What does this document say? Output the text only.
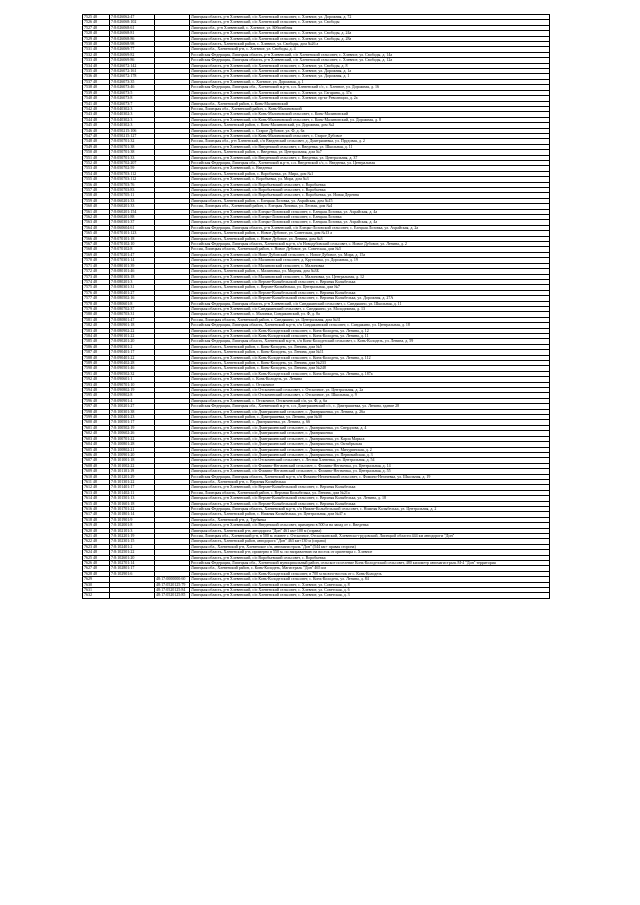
7525 48	7:8:026062:47		Липецкая область, р-н Хлевенский, с/п Хлевенский сельсовет, с. Хлевное, ул. Дорожная, д. 72
7526 48	7:8:026068:102		Липецкая область, р-н Хлевенский, с/п Хлевенский сельсовет, с. Хлевное, ул. Свободы
7527 48	7:8:026068:61		Липецкая обл., р-н Хлевенский, с. Хлевное, ул. Юбилейная
7528 48	7:8:026068:81		Липецкая область, р-н Хлевенский, с/п Хлевенский сельсовет, с. Хлевное, ул. Свободы, д. 24а
7529 48	7:8:026068:86		Липецкая область, р-н Хлевенский, с/п Хлевенский сельсовет, с. Хлевное, ул. Свободы, д. 28а
7530 48	7:8:026068:98		Липецкая область, Хлевенский район, с. Хлевное, ул. Свободы, дом №26 а
7531 48	7:8:026069:77		Липецкая обл., Хлевенский р-н, с. Хлевное, ул. Свободы, д. 4
7532 48	7:8:026069:82		Российская Федерация, Липецкая область, р-н Хлевенский, с/п Хлевенский сельсовет, с. Хлевное, ул. Свободы, д. 14а
7533 48	7:8:026069:86		Российская Федерация, Липецкая область, р-н Хлевенский, с/п Хлевенский сельсовет, с. Хлевное, ул. Свободы, д. 12а
7534 48	7:8:026072:142		Липецкая область, р-н Хлевенский, с/п Хлевенский сельсовет, с. Хлевное, ул. Свободы, д. 8
7535 48	7:8:026072:161		Липецкая область, р-н Хлевенский, с/п Хлевенский сельсовет, с. Хлевное, ул. Дорожная, д. 1а
7536 48	7:8:026072:178		Липецкая область, р-н Хлевенский, с/п Хлевенский сельсовет, с. Хлевное, ул. Дорожная, д. 1
7537 48	7:8:026073:35		Липецкая область, р-н Хлевенский, с. Хлевное, ул. Дорожная, д. 1
7538 48	7:8:026073:46		Российская Федерация, Липецкая обл., Хлевенский м.р-н, с.п. Хлевенский с/с, с. Хлевное, ул. Дорожная, д. 16
7539 48	7:8:026073:5		Липецкая область, р-н Хлевенский, с/п Хлевенский сельсовет, с. Хлевное, ул. Гагарина, д. 37а
7540 48	7:8:026073:8		Липецкая область, р-н Хлевенский, с/п Хлевенский сельсовет, с. Хлевное, пр-кт Революции, д. 2а
7541 48	7:8:026073:7		Липецкая обл., Хлевенский район, с. Конь-Малиновский
7542 48	7:8:040302:3		Россия, Липецкая обл., Хлевенский район, с. Конь-Малиновский
7543 48	7:8:040302:3		Липецкая область, р-н Хлевенский, с/п Конь-Малиновский сельсовет, с. Конь-Малиновский
7544 48	7:8:040302:3		Липецкая область, р-н Хлевенский, с/п Конь-Малиновский сельсовет, с. Конь-Малиновский, ул. Дорожная, д. 8
7545 48	7:8:040302:3		Липецкая область, Хлевенский район, с. Конь-Малиновский, ул. Дорожная, дом №2
7546 48	7:8:050215:106		Липецкая область, р-н Хлевенский, с. Старое Дубовое, ул. Ф, д. 6а
7547 48	7:8:050215:127		Липецкая область, р-н Хлевенский, с/п Конь-Малиновский сельсовет, с. Старое Дубовое
7548 48	7:8:050701:32		Россия, Липецкая обл., р-н Хлевенский, с/п Введенский сельсовет, д. Дмитряшевка, ул. Прудовая, д. 2
7549 48	7:8:050701:38		Липецкая область, р-н Хлевенский, с/п Введенский сельсовет, с. Введенка, ул. Школьная, д. 11
7550 48	7:8:050701:38		Липецкая область, Хлевенский район, с. Введенка, ул. Центральная, дом №7
7551 48	7:8:050701:33		Липецкая область, р-н Хлевенский, с/п Введенский сельсовет, с. Введенка, ул. Центральная, д. 37
7552 48	7:8:050702:207		Российская Федерация, Липецкая обл., Хлевенский м.р-н, с.п. Введенский с/с, с. Введенка, ул. Центральная
7553 48	7:8:050702:59		Липецкая область, р-н Хлевенский, с. Введенка
7554 48	7:8:050703:112		Липецкая область, Хлевенский район, с. Воробьевка, ул. Мира, дом №1
7555 48	7:8:050703:112		Липецкая область, р-н Хлевенский, с. Воробьевка, ул. Мира, дом №3
7556 48	7:8:050703:76		Липецкая область, р-н Хлевенский, с/п Воробьевский сельсовет, с. Воробьевка
7557 48	7:8:050703:83		Липецкая область, р-н Хлевенский, с/п Воробьевский сельсовет, с. Воробьевка
7558 48	7:8:050705:11		Липецкая область, р-н Хлевенский, с/п Воробьевский сельсовет, с. Воробьевка, ул. Новая Деревня
7559 48	7:8:060201:33		Липецкая область, Хлевенский район, с. Елецкая Лозовка, ул. Ахрайская, дом №15
7560 48	7:8:060201:33		Россия, Липецкая обл., Хлевенский район, с. Елецкая Лозовка, ул. Лесная, дом №4
7561 48	7:8:060201:154		Липецкая область, р-н Хлевенский, с/п Елецко-Лозовский сельсовет, с. Елецкая Лозовка, ул. Ахрайская, д. 4а
7562 48	7:8:060201:88		Липецкая область, р-н Хлевенский, с/п Елецко-Лозовский сельсовет, с. Елецкая Лозовка
7563 48	7:8:060301:37		Липецкая область, р-н Хлевенский, с/п Елецко-Лозовский сельсовет, с. Елецкая Лозовка, ул. Ахрайская, д. 4а
7564 48	7:8:060604:61		Российская Федерация, Липецкая область, р-н Хлевенский, с/п Елецко-Лозовский сельсовет, с. Елецкая Лозовка, ул. Ахрайская, д. 2а
7565 48	7:8:070101:123		Липецкая область, Хлевенский район, с. Новое Дубовое, ул. Советская, дом №13 а
7566 48	7:8:070101:18		Липецкая область, Хлевенский район, с. Новое Дубовое, ул. Ленина, дом №3
7567 48	7:8:070102:10		Российская Федерация, Липецкая область, Хлевенский м.р-н, с/п Новодубовский сельсовет, с. Новое Дубовое, ул. Ленина, д. 2
7568 48	7:8:070102:8		Россия, Липецкая область, Хлевенский район, с. Новое Дубовое, ул. Советская, дом №5
7569 48	7:8:070201:47		Липецкая область, р-н Хлевенский, с/п Ново-Дубовский сельсовет, с. Новое Дубовое, ул. Мира, д. 15а
7570 48	7:8:070301:14		Липецкая область, р-н Хлевенский, с/п Малиновский сельсовет, д. Кругловка, ул. Дорожная, д. 19
7571 48	7:8:080101:39		Липецкая область, р-н Хлевенский, с/п Малиновский сельсовет, с. Малиновка
7572 48	7:8:080101:46		Липецкая область, Хлевенский район, с. Малиновка, ул. Мирная, дом №3Б
7573 48	7:8:080103:18		Липецкая область, р-н Хлевенский, с/п Малиновский сельсовет, с. Малиновка, ул. Центральная, д. 12
7574 48	7:8:080201:3		Липецкая область, р-н Хлевенский, с/п Верхне-Колыбельский сельсовет, с. Верхняя Колыбелька
7575 48	7:8:080301:31		Липецкая область, Хлевенский район, с. Верхне-Колыбелька, ул. Центральная, дом №7
7576 48	7:8:080401:27		Липецкая область, р-н Хлевенский, с/п Верхне-Колыбельский сельсовет, с. Верхняя Колыбелька
7577 48	7:8:080502:16		Липецкая область, р-н Хлевенский, с/п Верхне-Колыбельский сельсовет, с. Верхняя Колыбелька, ул. Дорожная, д. 27А
7578 48	7:8:080601:8		Российская Федерация, Липецкая область, р-н Хлевенский, с/п Синдякинский сельсовет, с. Синдякино, ул. Школьная, д. 11
7579 48	7:8:080702:37		Липецкая область, р-н Хлевенский, с/п Синдякинский сельсовет, с. Синдякино, ул. Молодежная, д. 13
7580 48	7:8:080703:31		Липецкая область, р-н Хлевенский, с. Малинки, Синдякинский, ул. Ф, д. 8а
7581 48	7:8:080801:47		Россия, Липецкая область, Хлевенский район, с. Синдякино, ул. Центральная, дом №31
7582 48	7:8:080901:18		Российская Федерация, Липецкая область, Хлевенский м.р-н, с/п Синдякинский сельсовет, с. Синдякино, ул. Центральная, д. 18
7583 48	7:8:080902:22		Липецкая область, р-н Хлевенский, с/п Конь-Колодезский сельсовет, с. Конь-Колодезь, ул. Ленина, д. 12
7584 48	7:8:090101:22		Липецкая область, р-н Хлевенский, с/п Конь-Колодезский сельсовет, с. Конь-Колодезь, ул. Ленина, д. 11
7585 48	7:8:090201:20		Российская Федерация, Липецкая область, Хлевенский м.р-н, с/п Конь-Колодезский сельсовет, с. Конь-Колодезь, ул. Ленина, д. 59
7586 48	7:8:090301:2		Липецкая область, Хлевенский район, с. Конь-Колодезь, ул. Ленина, дом №5
7587 48	7:8:090401:17		Липецкая область, Хлевенский район, с. Конь-Колодезь, ул. Ленина, дом №11
7588 48	7:8:090401:22		Липецкая область, р-н Хлевенский, с/п Конь-Колодезский сельсовет, с. Конь-Колодезь, ул. Ленина, д. 112
7589 48	7:8:090402:28		Липецкая область, Хлевенский район, с. Конь-Колодезь, ул. Ленина, дом №233
7590 48	7:8:090501:46		Липецкая область, Хлевенский район, с. Конь-Колодезь, ул. Ленина, дом №248
7591 48	7:8:090502:32		Липецкая область, р-н Хлевенский, с/п Конь-Колодезский сельсовет, с. Конь-Колодезь, ул. Ленина, д. 187а
7592 48	7:8:090601:1		Липецкая область, р-н Хлевенский, с. Конь-Колодезь, ул. Ленина
7593 48	7:8:090701:10		Липецкая область, р-н Хлевенский, с. Отскочное
7594 48	7:8:090802:19		Липецкая область, р-н Хлевенский, с/п Отскоченский сельсовет, с. Отскочное, ул. Центральная, д. 2а
7595 48	7:8:090802:8		Липецкая область, р-н Хлевенский, с/п Отскоченский сельсовет, с. Отскочное, ул. Школьная, д. 9
7596 48	7:8:090901:4		Липецкая область, р-н Хлевенский, с. Отскочное, Отскоченский с/п, ул. Ф, д. 6а
7597 48	7:8:100201:27		Российская Федерация, Липецкая обл., Хлевенский м.р-н, с.п. Дмитряшевский с/с, с. Дмитряшевка, ул. Ленина, здание 28
7598 48	7:8:100301:38		Липецкая область, р-н Хлевенский, с/п Дмитряшевский сельсовет, с. Дмитряшевка, ул. Ленина, д. 26а
7599 48	7:8:100401:23		Липецкая область, Хлевенский район, с. Дмитряшевка, ул. Ленина, дом №30
7600 48	7:8:100501:17		Липецкая область, р-н Хлевенский, с. Дмитряшевка, ул. Ленина, д. 66
7601 48	7:8:100502:19		Липецкая область, р-н Хлевенский, с/п Дмитряшевский сельсовет, с. Дмитряшевка, ул. Свердлова, д. 4
7602 48	7:8:100602:26		Липецкая область, р-н Хлевенский, с/п Дмитряшевский сельсовет, с. Дмитряшевка
7603 48	7:8:100701:22		Липецкая область, р-н Хлевенский, с/п Дмитряшевский сельсовет, с. Дмитряшевка, ул. Карла Маркса
7604 48	7:8:100801:28		Липецкая область, р-н Хлевенский, с/п Дмитряшевский сельсовет, с. Дмитряшевка, ул. Октябрьская
7605 48	7:8:100802:21		Липецкая область, р-н Хлевенский, с/п Дмитряшевский сельсовет, с. Дмитряшевка, ул. Мичуринская, д. 2
7606 48	7:8:100901:20		Липецкая область, р-н Хлевенский, с/п Дмитряшевский сельсовет, с. Дмитряшевка, ул. Первомайская, д. 3
7607 48	7:8:101001:18		Липецкая область, р-н Хлевенский, с/п Отскоченский сельсовет, с. Лесная Хлевенка, ул. Центральная, д. 54
7608 48	7:8:101002:22		Липецкая область, р-н Хлевенский, с/п Фомино-Негачевский сельсовет, с. Фомино-Негачевка, ул. Центральная, д. 14
7609 48	7:8:101101:19		Липецкая область, р-н Хлевенский, с/п Фомино-Негачевский сельсовет, с. Фомино-Негачевка, ул. Центральная, д. 55
7610 48	7:8:101201:29		Российская Федерация, Липецкая область, Хлевенский м.р-н, с/п Фомино-Негачевский сельсовет, с. Фомино-Негачевка, ул. Школьная, д. 19
7611 48	7:8:101301:22		Липецкая обл., Хлевенский р-н, с. Верхняя Колыбелька
7612 48	7:8:101401:17		Липецкая область, р-н Хлевенский, с/п Верхне-Колыбельский сельсовет, с. Верхняя Колыбелька
7613 48	7:8:101402:11		Россия, Липецкая область, Хлевенский район, с. Верхняя Колыбелька, ул. Ленина, дом №21а
7614 48	7:8:101501:13		Липецкая область, р-н Хлевенский, с/п Верхне-Колыбельский сельсовет, с. Верхняя Колыбелька, ул. Ленина, д. 18
7615 48	7:8:101601:18		Липецкая область, р-н Хлевенский, с/п Верхне-Колыбельский сельсовет, с. Верхняя Колыбелька
7616 48	7:8:101701:22		Российская Федерация, Липецкая область, Хлевенский м.р-н, с/п Нижне-Колыбельский сельсовет, с. Нижняя Колыбелька, ул. Центральная, д. 2
7617 48	7:8:101801:14		Липецкая область, Хлевенский район, с. Нижняя Колыбелька, ул. Центральная, дом №47 а
7618 48	7:8:101901:9		Липецкая обл., Хлевенский р-н, д. Трубянка
7619 48	7:8:102001:8		Липецкая область, р-н Хлевенский, с/п Введенский сельсовет, примерно в 500 м на запад от с. Введенка
7620 48	7:8:102101:3		Липецкая область, Хлевенский р-н, автодорога "Дон" 461 км+100 м (справа)
7621 48	7:8:102201:19		Россия, Липецкая обл., Хлевенский р-н, в 500 м. южнее с. Отскочное, Отскочкинский, Хлевенско-грудовский, Липецкой области 444 км автодороги "Дон"
7622 48	7:8:102301:15		Липецкая область, Хлевенский район, автодорога "Дон" 463 км+130 м (справа)
7623 48	7:8:102401:2		Липецкая обл., Хлевенский р-н, Хлевенское с/п, автомагистраль "Дон" (544 км+ правая сторона)
7624 48	7:8:102501:22		Липецкая область, Хлевенский р-н, примерно в 550 м. по направлению на восток от ориентира с. Хлевное
7625 48	7:8:102601:20		Липецкая область, р-н Хлевенский, с/п Воробьевский сельсовет, с. Воробьевка
7626 48	7:8:102701:14		Российская Федерация, Липецкая обл., Хлевенский муниципальный район, сельское поселение Конь-Колодезский сельсовет, 480 километр автомагистраль М-4 "Дон" территория
7627 48	7:8:102801:17		Липецкая обл., Хлевенский район, с. Конь-Колодезь, Магистраль "Дон" 465 км
7628 48	7:8:102901:6		Липецкая область, р-н Хлевенский, с/п Конь-Колодезский сельсовет, в 700 м на юго-восток от с. Конь-Колодезь
7629		48:17:0000000:60	Липецкая область, р-н Хлевенский, с/п Конь-Колодезский сельсовет, с. Конь-Колодезь, ул. Ленина, д. 84
7630		48:17:0520125:79	Липецкая область, р-н Хлевенский, с/п Хлевенский сельсовет, с. Хлевное, ул. Советская, д. 8
7631		48:17:0520125:84	Липецкая область, р-н Хлевенский, с/п Хлевенский сельсовет, с. Хлевное, ул. Советская, д. 6
7632		48:17:0520125:85	Липецкая область, р-н Хлевенский, с/п Хлевенский сельсовет, с. Хлевное, ул. Советская, д. 3
